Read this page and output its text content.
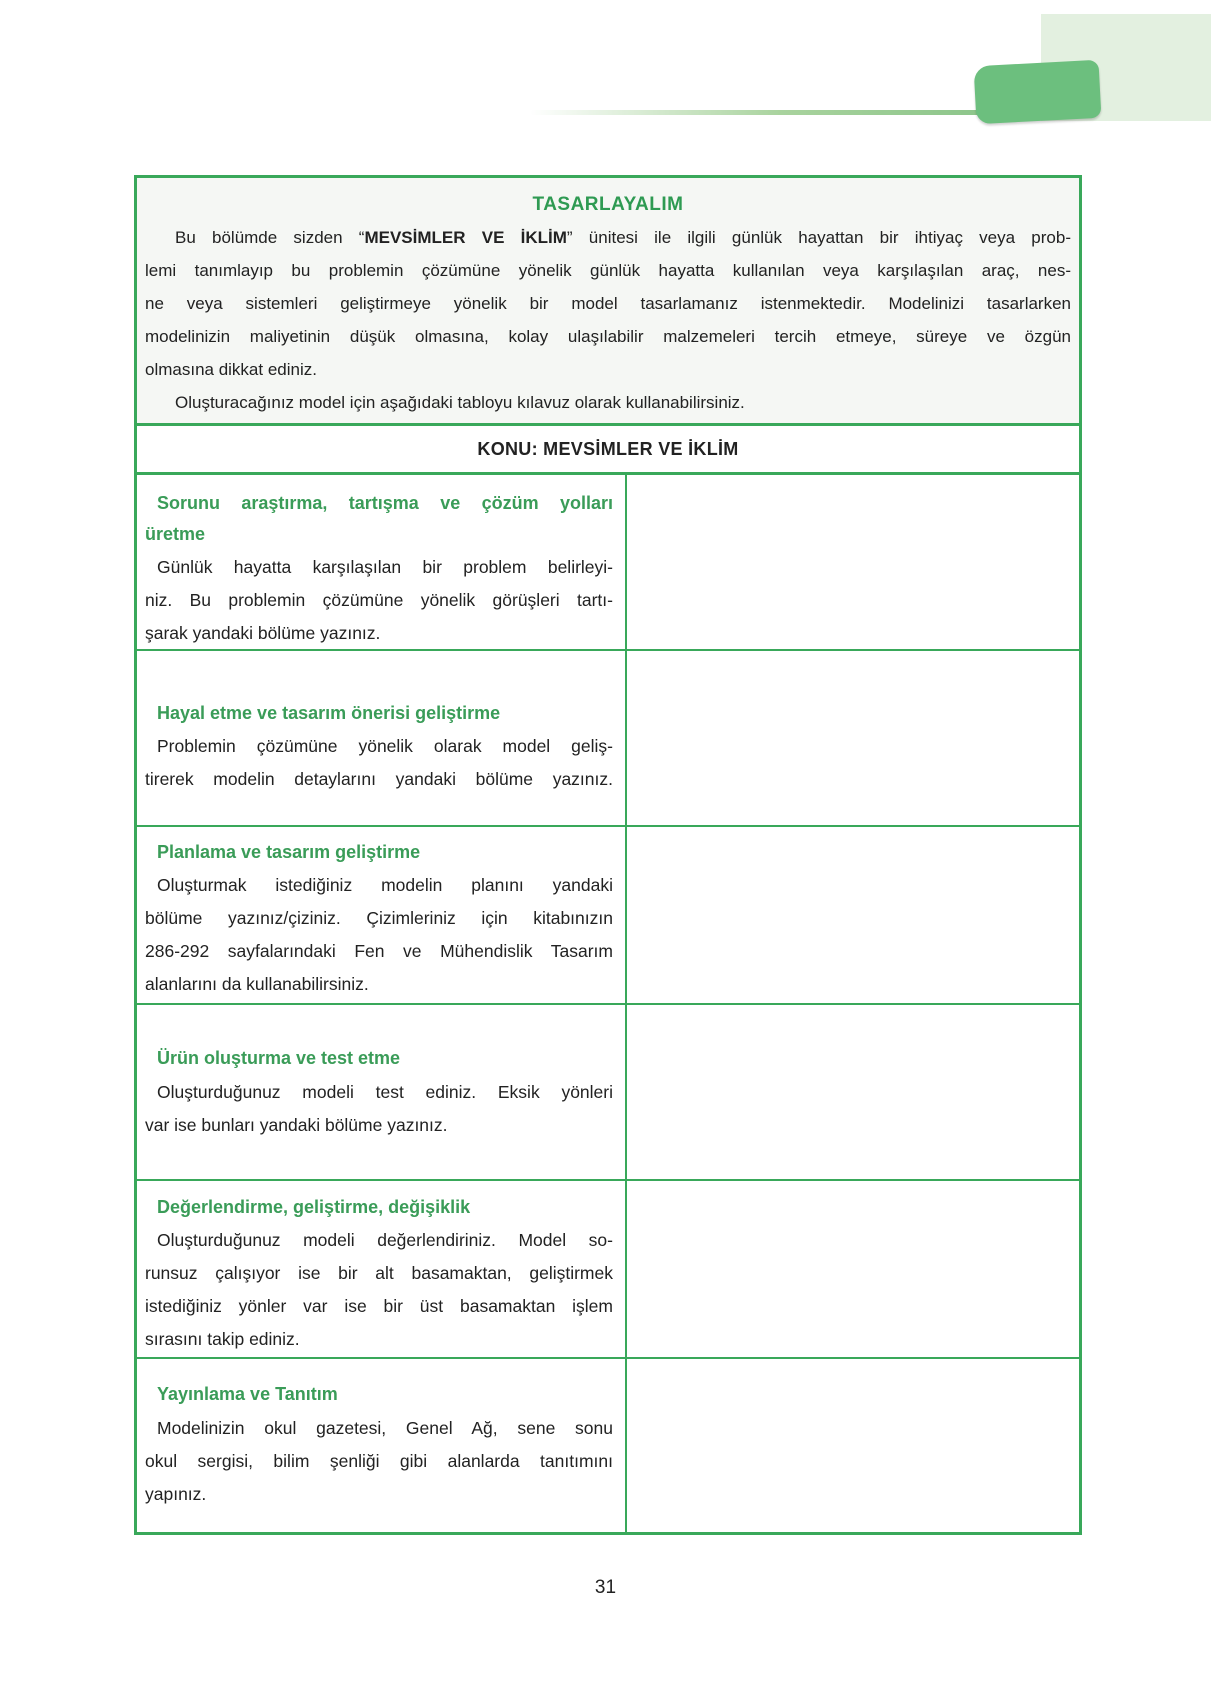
TASARLAYALIM
Bu bölümde sizden “MEVSİMLER VE İKLİM” ünitesi ile ilgili günlük hayattan bir ihtiyaç veya prob-
lemi tanımlayıp bu problemin çözümüne yönelik günlük hayatta kullanılan veya karşılaşılan araç, nes-
ne veya sistemleri geliştirmeye yönelik bir model tasarlamanız istenmektedir. Modelinizi tasarlarken
modelinizin maliyetinin düşük olmasına, kolay ulaşılabilir malzemeleri tercih etmeye, süreye ve özgün
olmasına dikkat ediniz.
Oluşturacağınız model için aşağıdaki tabloyu kılavuz olarak kullanabilirsiniz.
KONU: MEVSİMLER VE İKLİM
Sorunu araştırma, tartışma ve çözüm yolları
üretme
Günlük hayatta karşılaşılan bir problem belirleyi-
niz. Bu problemin çözümüne yönelik görüşleri tartı-
şarak yandaki bölüme yazınız.
Hayal etme ve tasarım önerisi geliştirme
Problemin çözümüne yönelik olarak model geliş-
tirerek modelin detaylarını yandaki bölüme yazınız.
Planlama ve tasarım geliştirme
Oluşturmak istediğiniz modelin planını yandaki
bölüme yazınız/çiziniz. Çizimleriniz için kitabınızın
286-292 sayfalarındaki Fen ve Mühendislik Tasarım
alanlarını da kullanabilirsiniz.
Ürün oluşturma ve test etme
Oluşturduğunuz modeli test ediniz. Eksik yönleri
var ise bunları yandaki bölüme yazınız.
Değerlendirme, geliştirme, değişiklik
Oluşturduğunuz modeli değerlendiriniz. Model so-
runsuz çalışıyor ise bir alt basamaktan, geliştirmek
istediğiniz yönler var ise bir üst basamaktan işlem
sırasını takip ediniz.
Yayınlama ve Tanıtım
Modelinizin okul gazetesi, Genel Ağ, sene sonu
okul sergisi, bilim şenliği gibi alanlarda tanıtımını
yapınız.
31
